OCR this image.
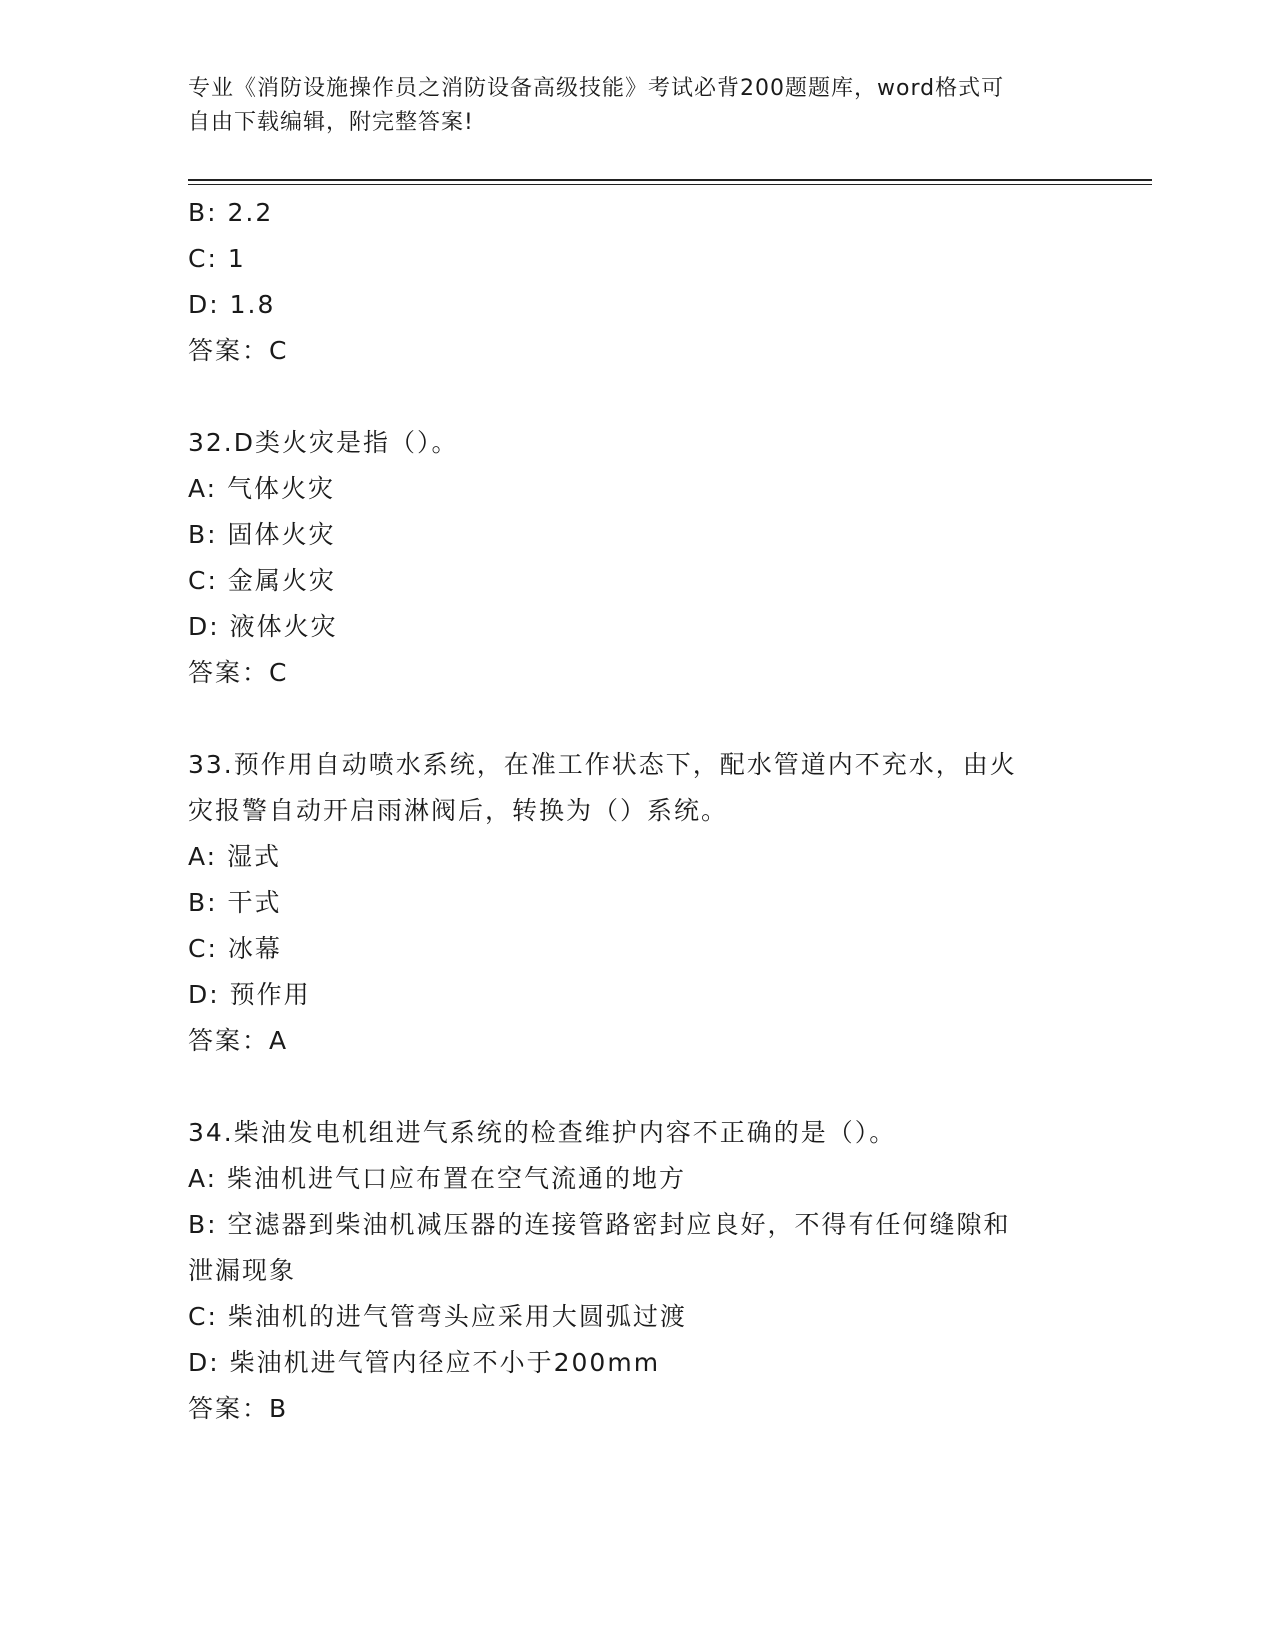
专业《消防设施操作员之消防设备高级技能》考试必背200题题库，word格式可
自由下载编辑，附完整答案!
B: 2.2
C: 1
D: 1.8
答案：C
32.D类火灾是指（）。
A: 气体火灾
B: 固体火灾
C: 金属火灾
D: 液体火灾
答案：C
33.预作用自动喷水系统，在准工作状态下，配水管道内不充水，由火
灾报警自动开启雨淋阀后，转换为（）系统。
A: 湿式
B: 干式
C: 冰幕
D: 预作用
答案：A
34.柴油发电机组进气系统的检查维护内容不正确的是（）。
A: 柴油机进气口应布置在空气流通的地方
B: 空滤器到柴油机减压器的连接管路密封应良好，不得有任何缝隙和
泄漏现象
C: 柴油机的进气管弯头应采用大圆弧过渡
D: 柴油机进气管内径应不小于200mm
答案：B
